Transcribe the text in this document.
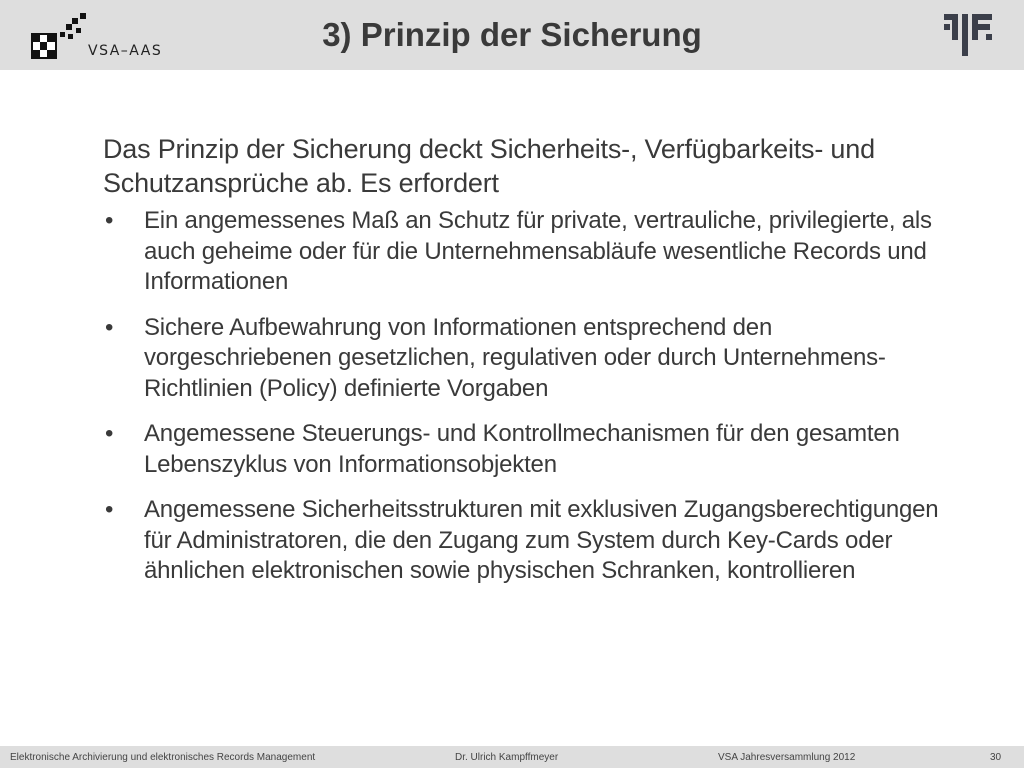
VSA–AAS	3) Prinzip der Sicherung

Das Prinzip der Sicherung deckt Sicherheits-, Verfügbarkeits- und Schutzansprüche ab. Es erfordert

•	Ein angemessenes Maß an Schutz für private, vertrauliche, privilegierte, als auch geheime oder für die Unternehmensabläufe wesentliche Records und Informationen
•	Sichere Aufbewahrung von Informationen entsprechend den vorgeschriebenen gesetzlichen, regulativen oder durch Unternehmens-Richtlinien (Policy) definierte Vorgaben
•	Angemessene Steuerungs- und Kontrollmechanismen für den gesamten Lebenszyklus von Informationsobjekten
•	Angemessene Sicherheitsstrukturen mit exklusiven Zugangsberechtigungen für Administratoren, die den Zugang zum System durch Key-Cards oder ähnlichen elektronischen sowie physischen Schranken, kontrollieren
Elektronische Archivierung und elektronisches Records Management	Dr. Ulrich Kampffmeyer	VSA Jahresversammlung 2012	30
